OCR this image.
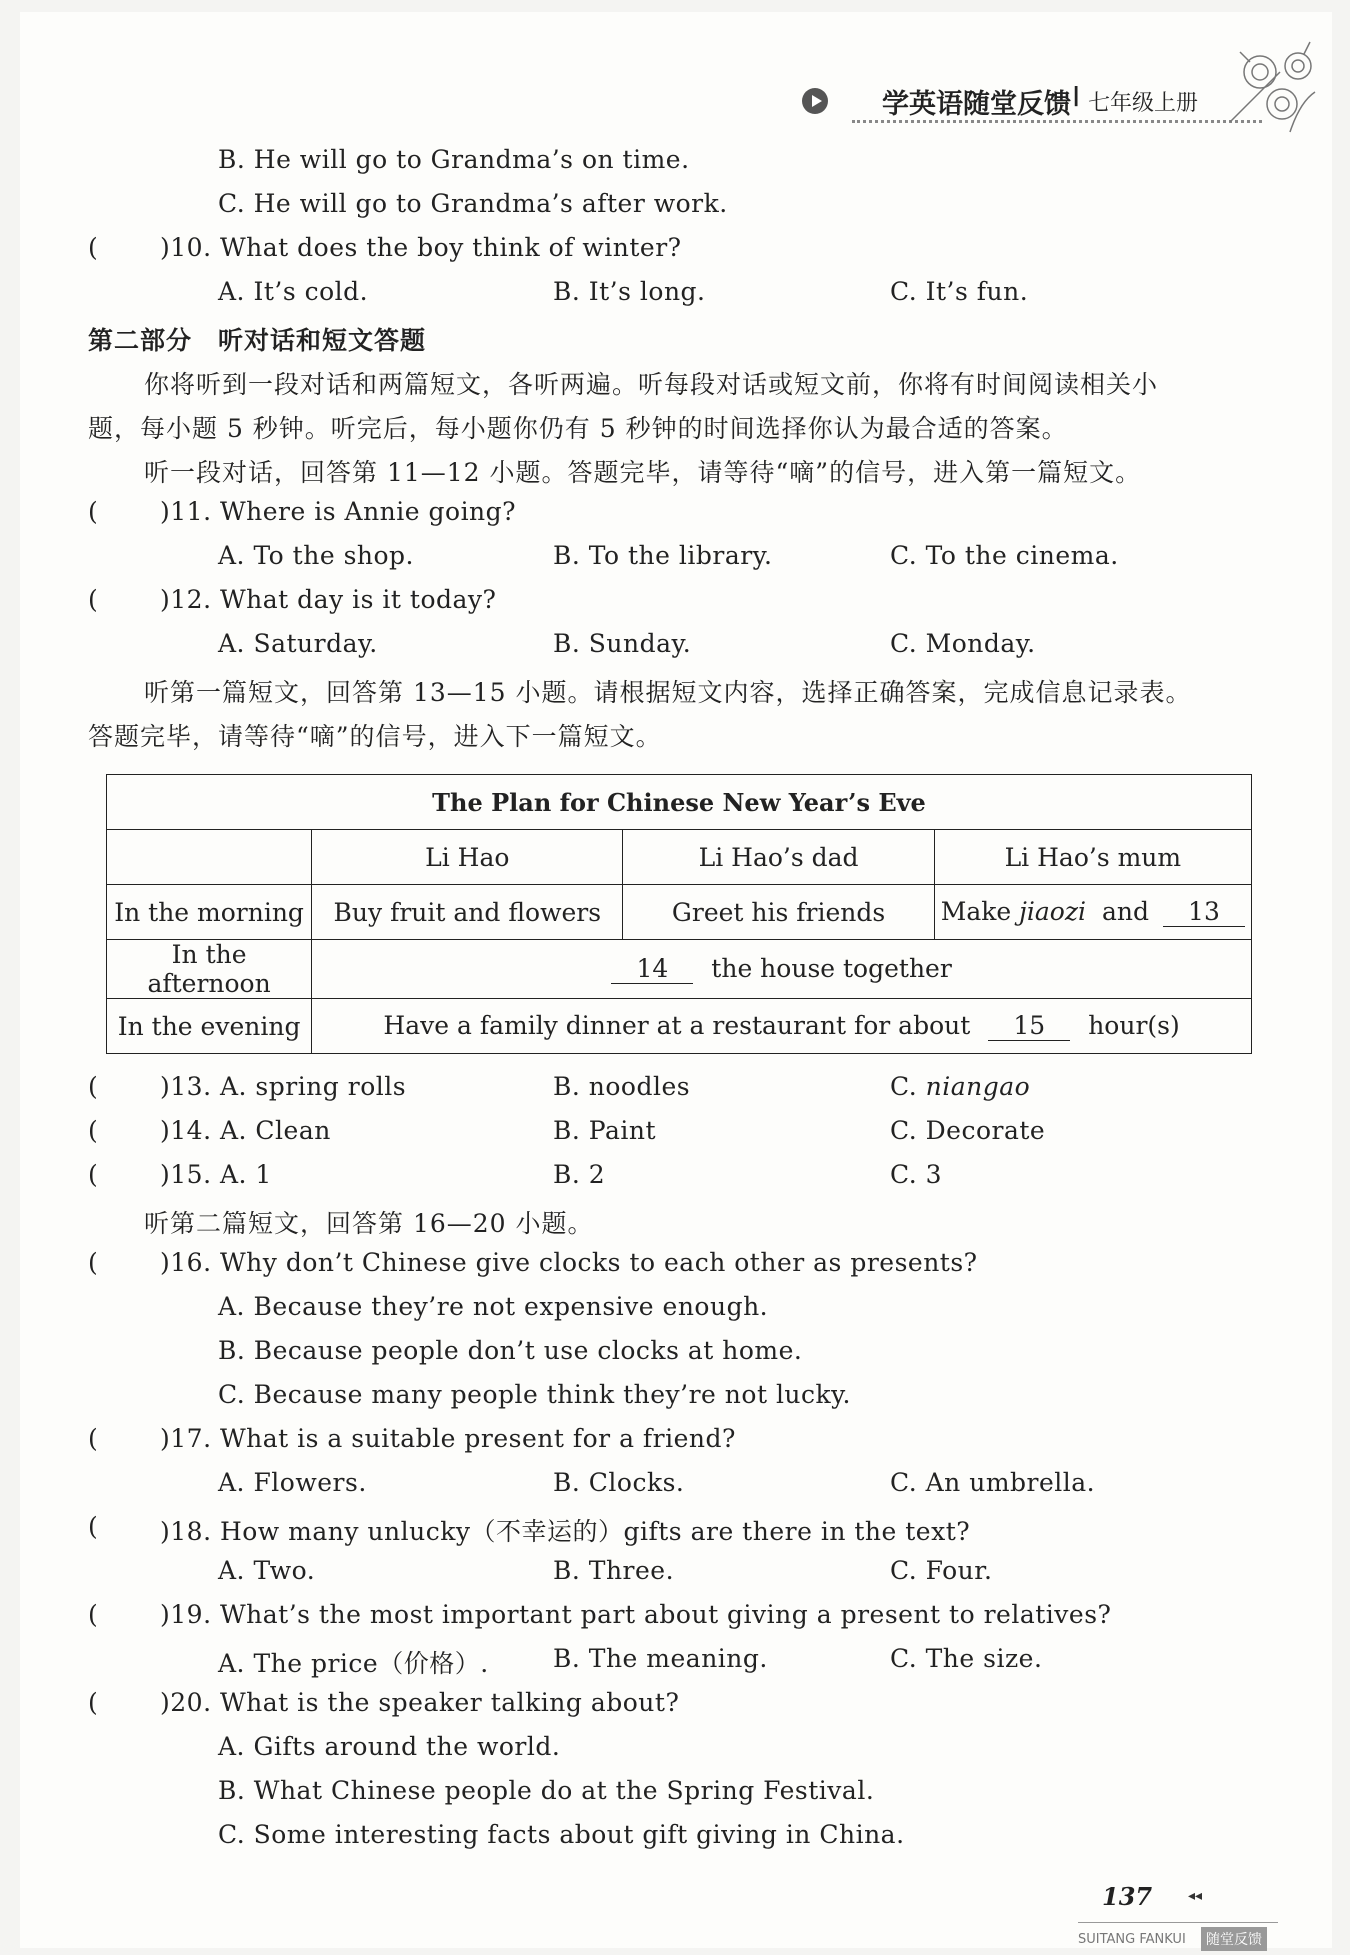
学英语随堂反馈 I 七年级上册
B. He will go to Grandma’s on time.
C. He will go to Grandma’s after work.
( )10. What does the boy think of winter?
A. It’s cold.	B. It’s long.	C. It’s fun.
第二部分　听对话和短文答题
你将听到一段对话和两篇短文，各听两遍。听每段对话或短文前，你将有时间阅读相关小
题，每小题 5 秒钟。听完后，每小题你仍有 5 秒钟的时间选择你认为最合适的答案。
听一段对话，回答第 11—12 小题。答题完毕，请等待“嘀”的信号，进入第一篇短文。
( )11. Where is Annie going?
A. To the shop.	B. To the library.	C. To the cinema.
( )12. What day is it today?
A. Saturday.	B. Sunday.	C. Monday.
听第一篇短文，回答第 13—15 小题。请根据短文内容，选择正确答案，完成信息记录表。
答题完毕，请等待“嘀”的信号，进入下一篇短文。
The Plan for Chinese New Year’s Eve			
	Li Hao	Li Hao’s dad	Li Hao’s mum
In the morning	Buy fruit and flowers	Greet his friends	Make jiaozi and 13
In the afternoon	14 the house together		
In the evening	Have a family dinner at a restaurant for about 15 hour(s)		
( )13. A. spring rolls	B. noodles	C. niangao
( )14. A. Clean	B. Paint	C. Decorate
( )15. A. 1	B. 2	C. 3
听第二篇短文，回答第 16—20 小题。
( )16. Why don’t Chinese give clocks to each other as presents?
A. Because they’re not expensive enough.
B. Because people don’t use clocks at home.
C. Because many people think they’re not lucky.
( )17. What is a suitable present for a friend?
A. Flowers.	B. Clocks.	C. An umbrella.
( )18. How many unlucky（不幸运的）gifts are there in the text?
A. Two.	B. Three.	C. Four.
( )19. What’s the most important part about giving a present to relatives?
A. The price（价格）.	B. The meaning.	C. The size.
( )20. What is the speaker talking about?
A. Gifts around the world.
B. What Chinese people do at the Spring Festival.
C. Some interesting facts about gift giving in China.
137	◂◂
SUITANG FANKUI	随堂反馈
